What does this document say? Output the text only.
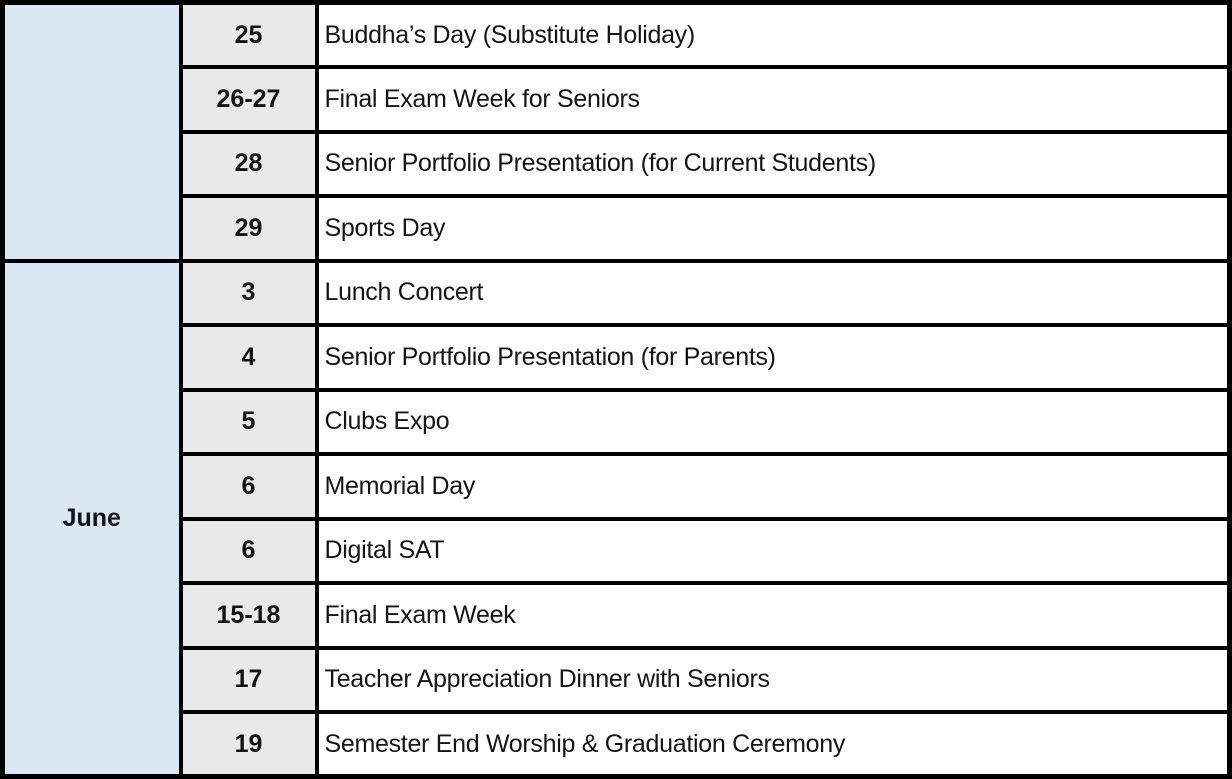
	25	Buddha’s Day (Substitute Holiday)
	26-27	Final Exam Week for Seniors
	28	Senior Portfolio Presentation (for Current Students)
	29	Sports Day
June	3	Lunch Concert
	4	Senior Portfolio Presentation (for Parents)
	5	Clubs Expo
	6	Memorial Day
	6	Digital SAT
	15-18	Final Exam Week
	17	Teacher Appreciation Dinner with Seniors
	19	Semester End Worship & Graduation Ceremony
